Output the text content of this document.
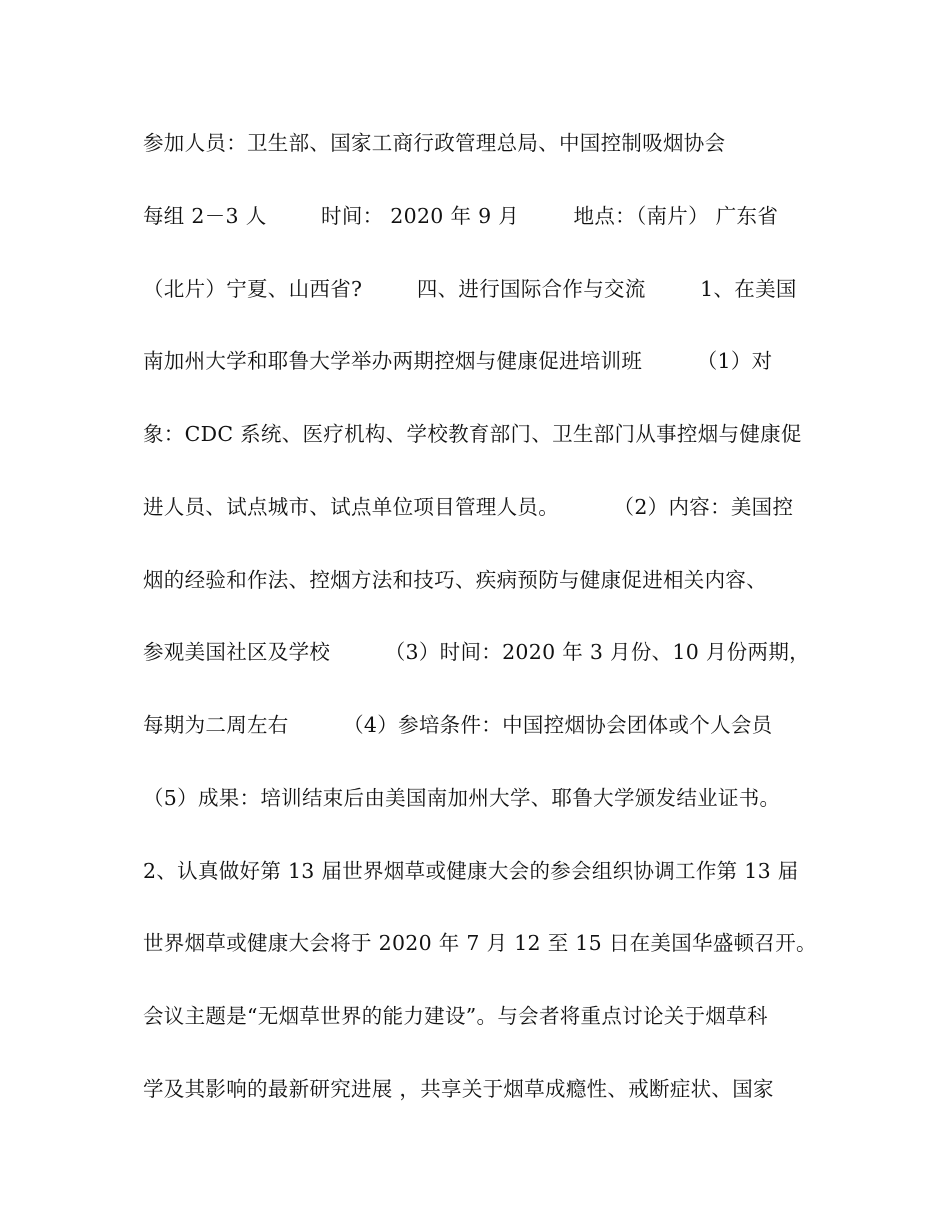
参加人员：卫生部、国家工商行政管理总局、中国控制吸烟协会
每组 2－3 人        时间： 2020 年 9 月        地点：（南片） 广东省
（北片）宁夏、山西省?        四、进行国际合作与交流        1、在美国
南加州大学和耶鲁大学举办两期控烟与健康促进培训班        （1）对
象：CDC 系统、医疗机构、学校教育部门、卫生部门从事控烟与健康促
进人员、试点城市、试点单位项目管理人员。        （2）内容：美国控
烟的经验和作法、控烟方法和技巧、疾病预防与健康促进相关内容、
参观美国社区及学校        （3）时间：2020 年 3 月份、10 月份两期，
每期为二周左右        （4）参培条件：中国控烟协会团体或个人会员
（5）成果：培训结束后由美国南加州大学、耶鲁大学颁发结业证书。
2、认真做好第 13 届世界烟草或健康大会的参会组织协调工作第 13 届
世界烟草或健康大会将于 2020 年 7 月 12 至 15 日在美国华盛顿召开。
会议主题是“无烟草世界的能力建设”。与会者将重点讨论关于烟草科
学及其影响的最新研究进展 ，共享关于烟草成瘾性、戒断症状、国家
